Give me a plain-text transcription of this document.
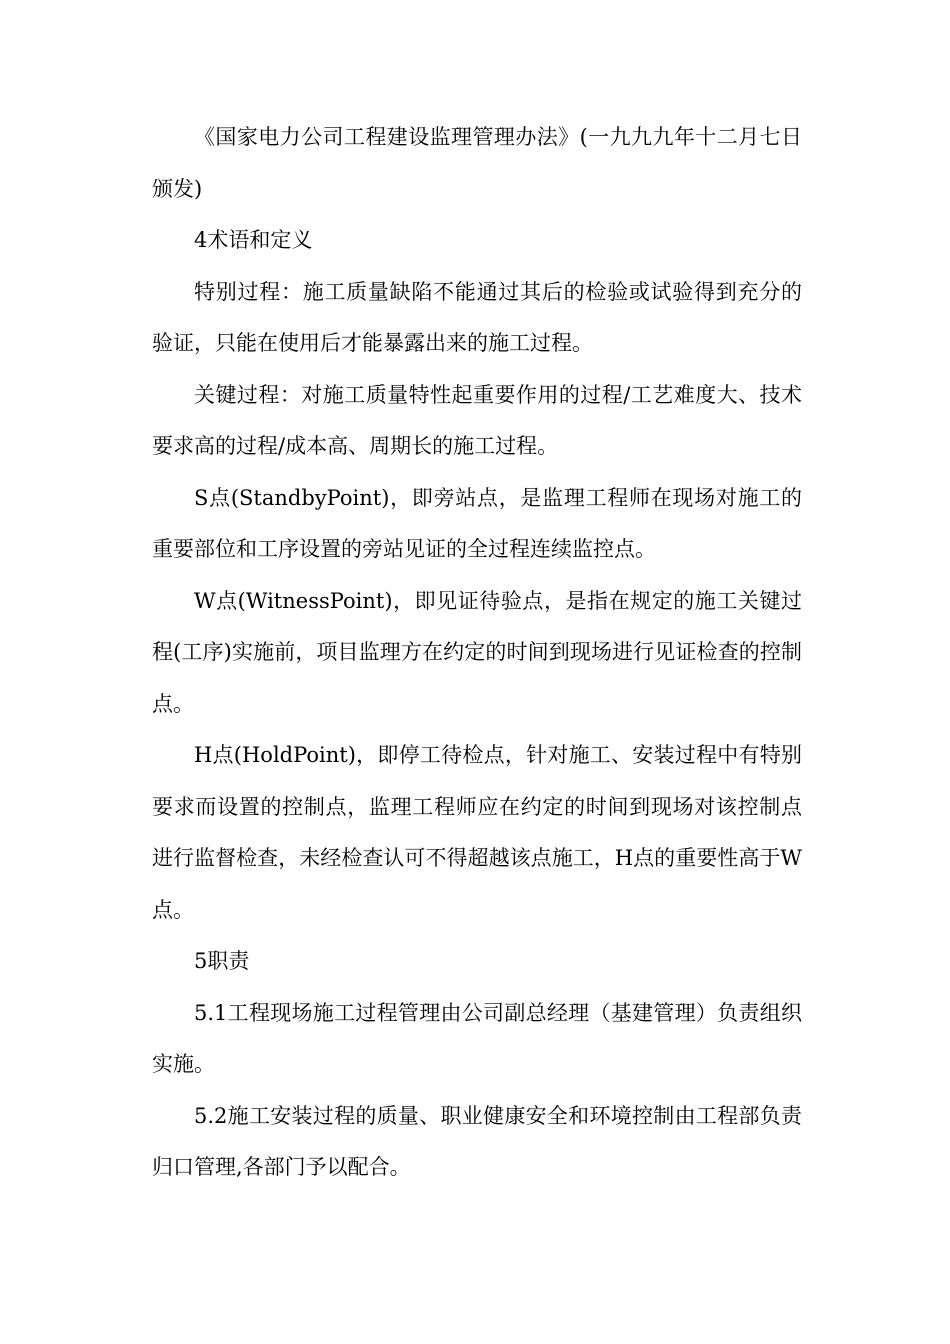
《国家电力公司工程建设监理管理办法》(一九九九年十二月七日颁发)

4术语和定义

特别过程：施工质量缺陷不能通过其后的检验或试验得到充分的验证，只能在使用后才能暴露出来的施工过程。

关键过程：对施工质量特性起重要作用的过程/工艺难度大、技术要求高的过程/成本高、周期长的施工过程。

S点(StandbyPoint)，即旁站点，是监理工程师在现场对施工的重要部位和工序设置的旁站见证的全过程连续监控点。

W点(WitnessPoint)，即见证待验点，是指在规定的施工关键过程(工序)实施前，项目监理方在约定的时间到现场进行见证检查的控制点。

H点(HoldPoint)，即停工待检点，针对施工、安装过程中有特别要求而设置的控制点，监理工程师应在约定的时间到现场对该控制点进行监督检查，未经检查认可不得超越该点施工，H点的重要性高于W点。

5职责

5.1工程现场施工过程管理由公司副总经理（基建管理）负责组织实施。

5.2施工安装过程的质量、职业健康安全和环境控制由工程部负责归口管理,各部门予以配合。
